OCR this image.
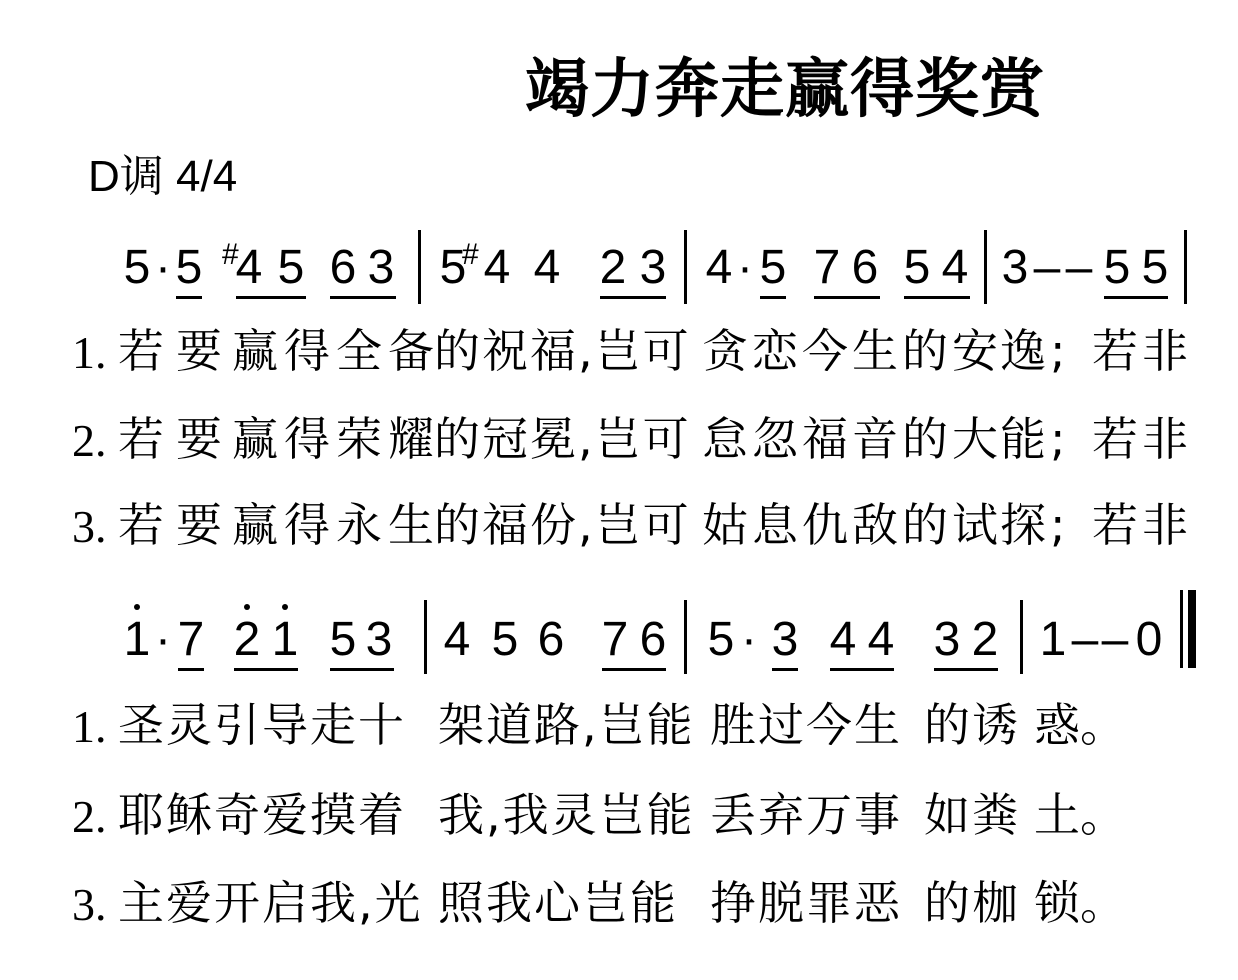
竭力奔走赢得奖赏
D调 4/4
5 · 5 #
4 5 6 3 5
# 4 4 2 3 4 · 5 7 6 5 4 3 – – 5 5
1. 若要
赢得全备
的祝福,岂可 贪恋今生的安
逸; 若非
2. 若要
赢得荣耀
的冠冕,岂可 怠忽福音的大
能; 若非
3. 若要
赢得永生
的福份,岂可 姑息仇敌的试
探; 若非
1 · 7 2 1 5 3 4 5 6 7 6 5 · 3 4 4 3 2 1 – – 0
1. 圣灵引导走十 架道路,岂能 胜过今生 的诱 惑。
2. 耶稣奇爱摸着 我,我灵岂能 丢弃万事 如粪 土。
3. 主爱开启我,光 照我心岂能 挣脱罪恶 的枷 锁。
